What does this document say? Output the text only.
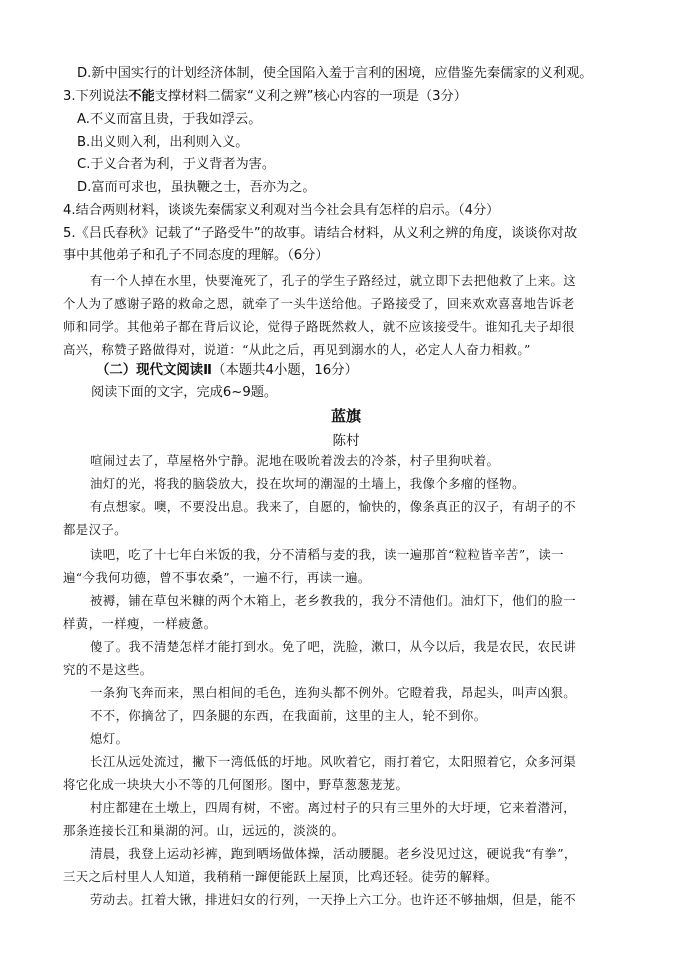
D.新中国实行的计划经济体制，使全国陷入羞于言利的困境，应借鉴先秦儒家的义利观。
3.下列说法不能支撑材料二儒家“义利之辨”核心内容的一项是（3分）
A.不义而富且贵，于我如浮云。
B.出义则入利，出利则入义。
C.于义合者为利，于义背者为害。
D.富而可求也，虽执鞭之士，吾亦为之。
4.结合两则材料，谈谈先秦儒家义利观对当今社会具有怎样的启示。（4分）
5.《吕氏春秋》记载了“子路受牛”的故事。请结合材料，从义利之辨的角度，谈谈你对故
事中其他弟子和孔子不同态度的理解。（6分）
有一个人掉在水里，快要淹死了，孔子的学生子路经过，就立即下去把他救了上来。这
个人为了感谢子路的救命之恩，就牵了一头牛送给他。子路接受了，回来欢欢喜喜地告诉老
师和同学。其他弟子都在背后议论，觉得子路既然救人，就不应该接受牛。谁知孔夫子却很
高兴，称赞子路做得对，说道：“从此之后，再见到溺水的人，必定人人奋力相救。”
（二）现代文阅读Ⅱ（本题共4小题，16分）
阅读下面的文字，完成6~9题。
蓝旗
陈村
喧闹过去了，草屋格外宁静。泥地在吸吮着泼去的冷茶，村子里狗吠着。
油灯的光，将我的脑袋放大，投在坎坷的潮湿的土墙上，我像个多瘤的怪物。
有点想家。噢，不要没出息。我来了，自愿的，愉快的，像条真正的汉子，有胡子的不
都是汉子。
读吧，吃了十七年白米饭的我，分不清稻与麦的我，读一遍那首“粒粒皆辛苦”，读一
遍“今我何功德，曾不事农桑”，一遍不行，再读一遍。
被褥，铺在草包米糠的两个木箱上，老乡教我的，我分不清他们。油灯下，他们的脸一
样黄，一样瘦，一样疲惫。
傻了。我不清楚怎样才能打到水。免了吧，洗脸，漱口，从今以后，我是农民，农民讲
究的不是这些。
一条狗飞奔而来，黑白相间的毛色，连狗头都不例外。它瞪着我，昂起头，叫声凶狠。
不不，你摘岔了，四条腿的东西，在我面前，这里的主人，轮不到你。
熄灯。
长江从远处流过，撇下一湾低低的圩地。风吹着它，雨打着它，太阳照着它，众多河渠
将它化成一块块大小不等的几何图形。图中，野草葱葱茏茏。
村庄都建在土墩上，四周有树，不密。离过村子的只有三里外的大圩埂，它来着潜河，
那条连接长江和巢湖的河。山，远远的，淡淡的。
清晨，我登上运动衫裤，跑到晒场做体操，活动腰腿。老乡没见过这，硬说我“有拳”，
三天之后村里人人知道，我稍稍一蹿便能跃上屋顶，比鸡还轻。徒劳的解释。
劳动去。扛着大锹，排进妇女的行列，一天挣上六工分。也许还不够抽烟，但是，能不
